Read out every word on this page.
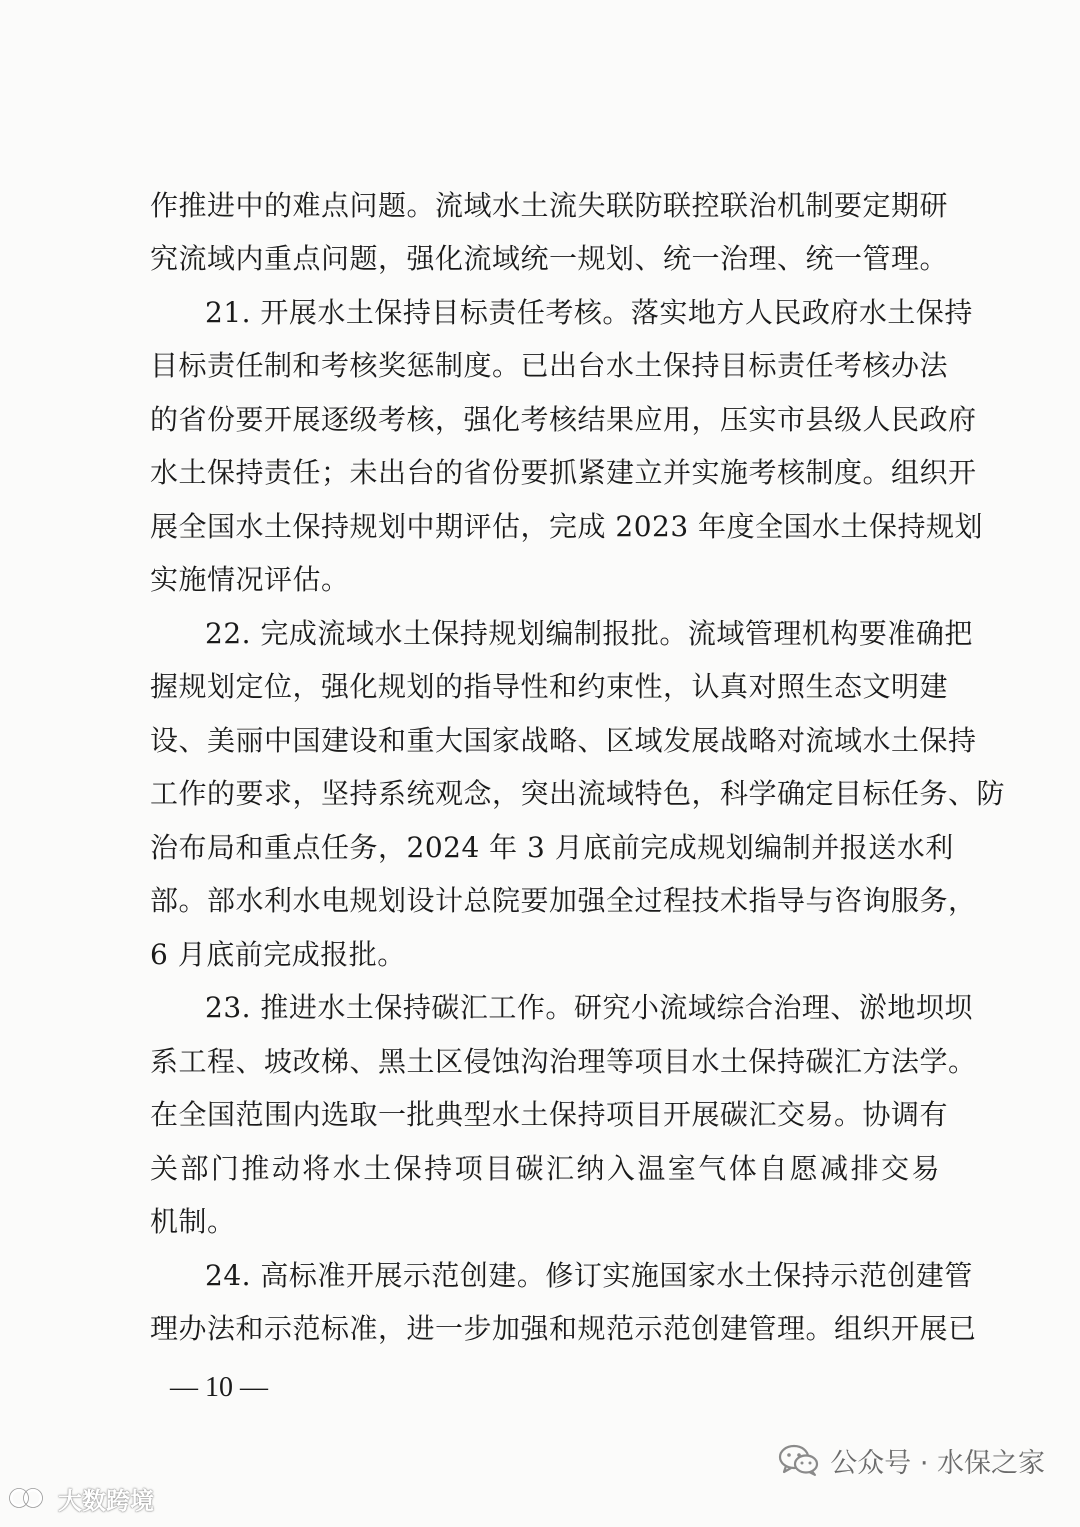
作推进中的难点问题。流域水土流失联防联控联治机制要定期研
究流域内重点问题，强化流域统一规划、统一治理、统一管理。
21. 开展水土保持目标责任考核。落实地方人民政府水土保持
目标责任制和考核奖惩制度。已出台水土保持目标责任考核办法
的省份要开展逐级考核，强化考核结果应用，压实市县级人民政府
水土保持责任；未出台的省份要抓紧建立并实施考核制度。组织开
展全国水土保持规划中期评估，完成 2023 年度全国水土保持规划
实施情况评估。
22. 完成流域水土保持规划编制报批。流域管理机构要准确把
握规划定位，强化规划的指导性和约束性，认真对照生态文明建
设、美丽中国建设和重大国家战略、区域发展战略对流域水土保持
工作的要求，坚持系统观念，突出流域特色，科学确定目标任务、防
治布局和重点任务，2024 年 3 月底前完成规划编制并报送水利
部。部水利水电规划设计总院要加强全过程技术指导与咨询服务，
6 月底前完成报批。
23. 推进水土保持碳汇工作。研究小流域综合治理、淤地坝坝
系工程、坡改梯、黑土区侵蚀沟治理等项目水土保持碳汇方法学。
在全国范围内选取一批典型水土保持项目开展碳汇交易。协调有
关部门推动将水土保持项目碳汇纳入温室气体自愿减排交易
机制。
24. 高标准开展示范创建。修订实施国家水土保持示范创建管
理办法和示范标准，进一步加强和规范示范创建管理。组织开展已
— 10 —
公众号 · 水保之家
大数跨境
